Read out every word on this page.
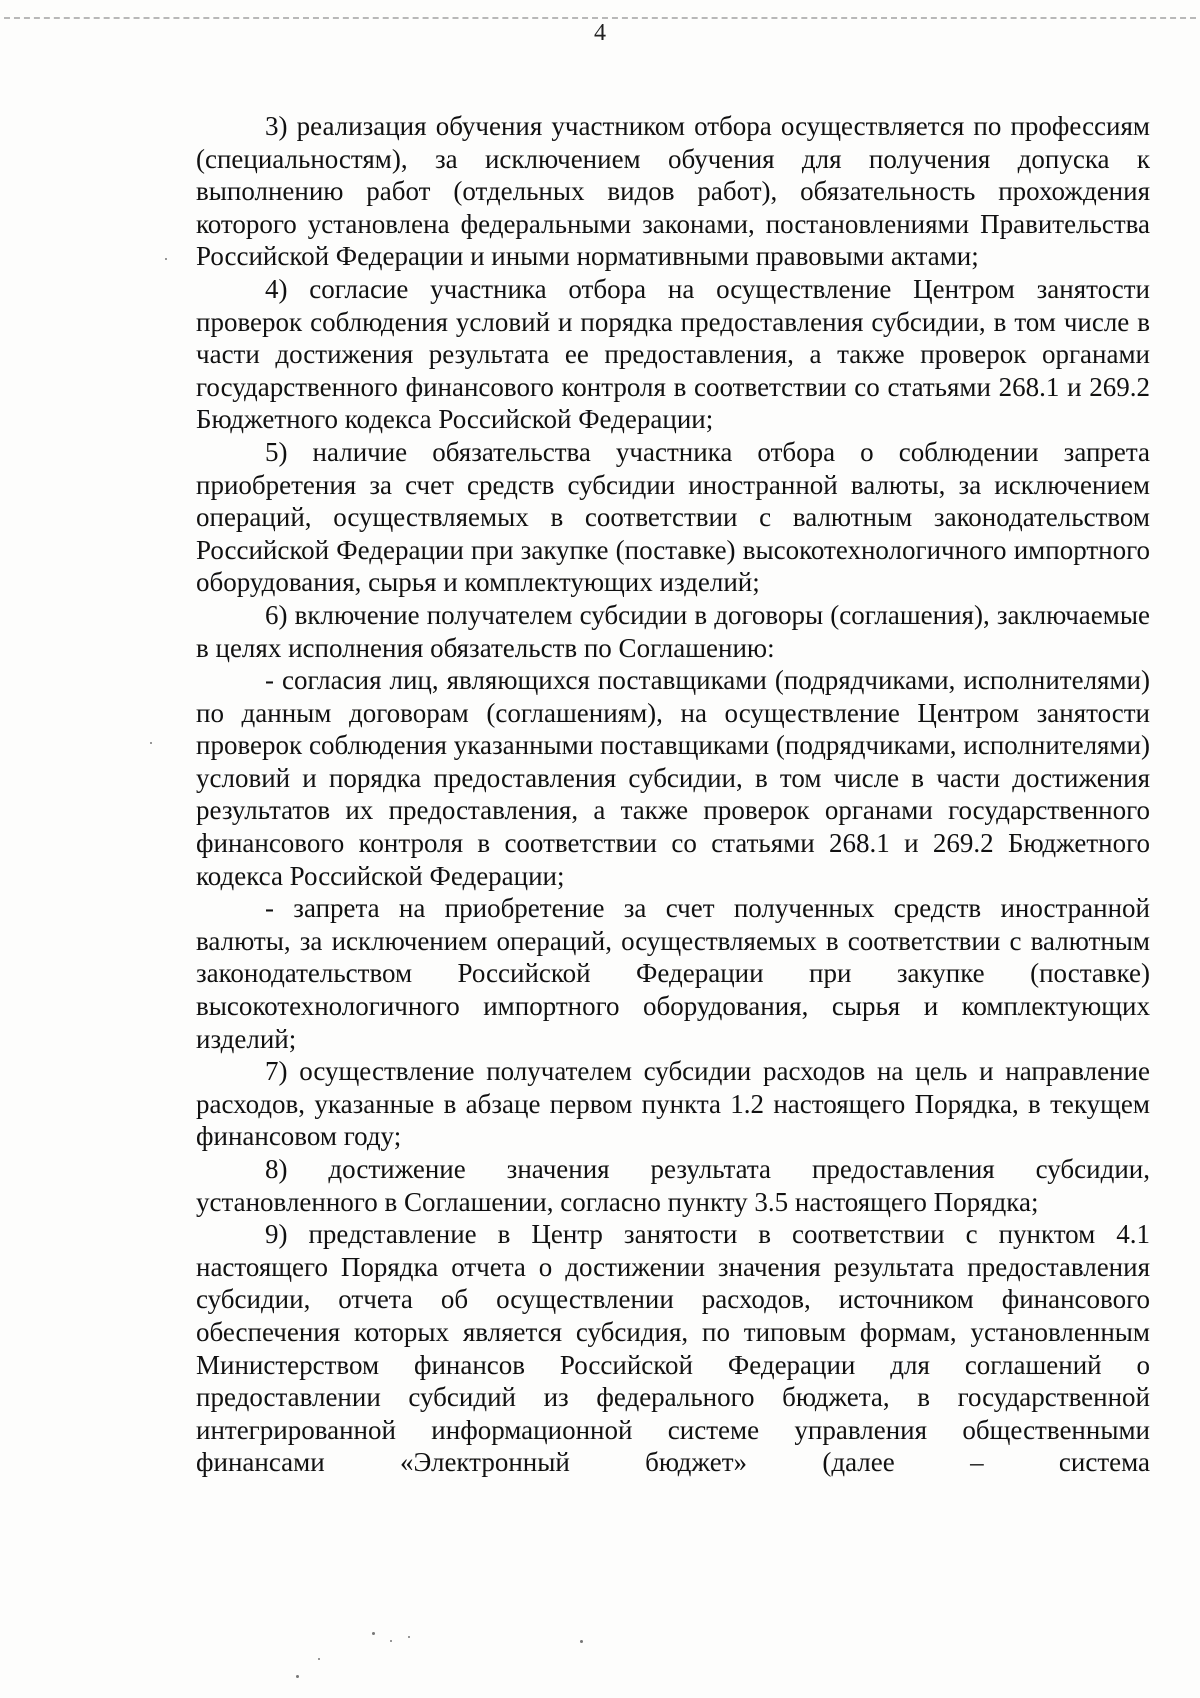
4

3) реализация обучения участником отбора осуществляется по профессиям (специальностям), за исключением обучения для получения допуска к выполнению работ (отдельных видов работ), обязательность прохождения которого установлена федеральными законами, постановлениями Правительства Российской Федерации и иными нормативными правовыми актами;

4) согласие участника отбора на осуществление Центром занятости проверок соблюдения условий и порядка предоставления субсидии, в том числе в части достижения результата ее предоставления, а также проверок органами государственного финансового контроля в соответствии со статьями 268.1 и 269.2 Бюджетного кодекса Российской Федерации;

5) наличие обязательства участника отбора о соблюдении запрета приобретения за счет средств субсидии иностранной валюты, за исключением операций, осуществляемых в соответствии с валютным законодательством Российской Федерации при закупке (поставке) высокотехнологичного импортного оборудования, сырья и комплектующих изделий;

6) включение получателем субсидии в договоры (соглашения), заключаемые в целях исполнения обязательств по Соглашению:

- согласия лиц, являющихся поставщиками (подрядчиками, исполнителями) по данным договорам (соглашениям), на осуществление Центром занятости проверок соблюдения указанными поставщиками (подрядчиками, исполнителями) условий и порядка предоставления субсидии, в том числе в части достижения результатов их предоставления, а также проверок органами государственного финансового контроля в соответствии со статьями 268.1 и 269.2 Бюджетного кодекса Российской Федерации;

- запрета на приобретение за счет полученных средств иностранной валюты, за исключением операций, осуществляемых в соответствии с валютным законодательством Российской Федерации при закупке (поставке) высокотехнологичного импортного оборудования, сырья и комплектующих изделий;

7) осуществление получателем субсидии расходов на цель и направление расходов, указанные в абзаце первом пункта 1.2 настоящего Порядка, в текущем финансовом году;

8) достижение значения результата предоставления субсидии, установленного в Соглашении, согласно пункту 3.5 настоящего Порядка;

9) представление в Центр занятости в соответствии с пунктом 4.1 настоящего Порядка отчета о достижении значения результата предоставления субсидии, отчета об осуществлении расходов, источником финансового обеспечения которых является субсидия, по типовым формам, установленным Министерством финансов Российской Федерации для соглашений о предоставлении субсидий из федерального бюджета, в государственной интегрированной информационной системе управления общественными финансами «Электронный бюджет» (далее – система
